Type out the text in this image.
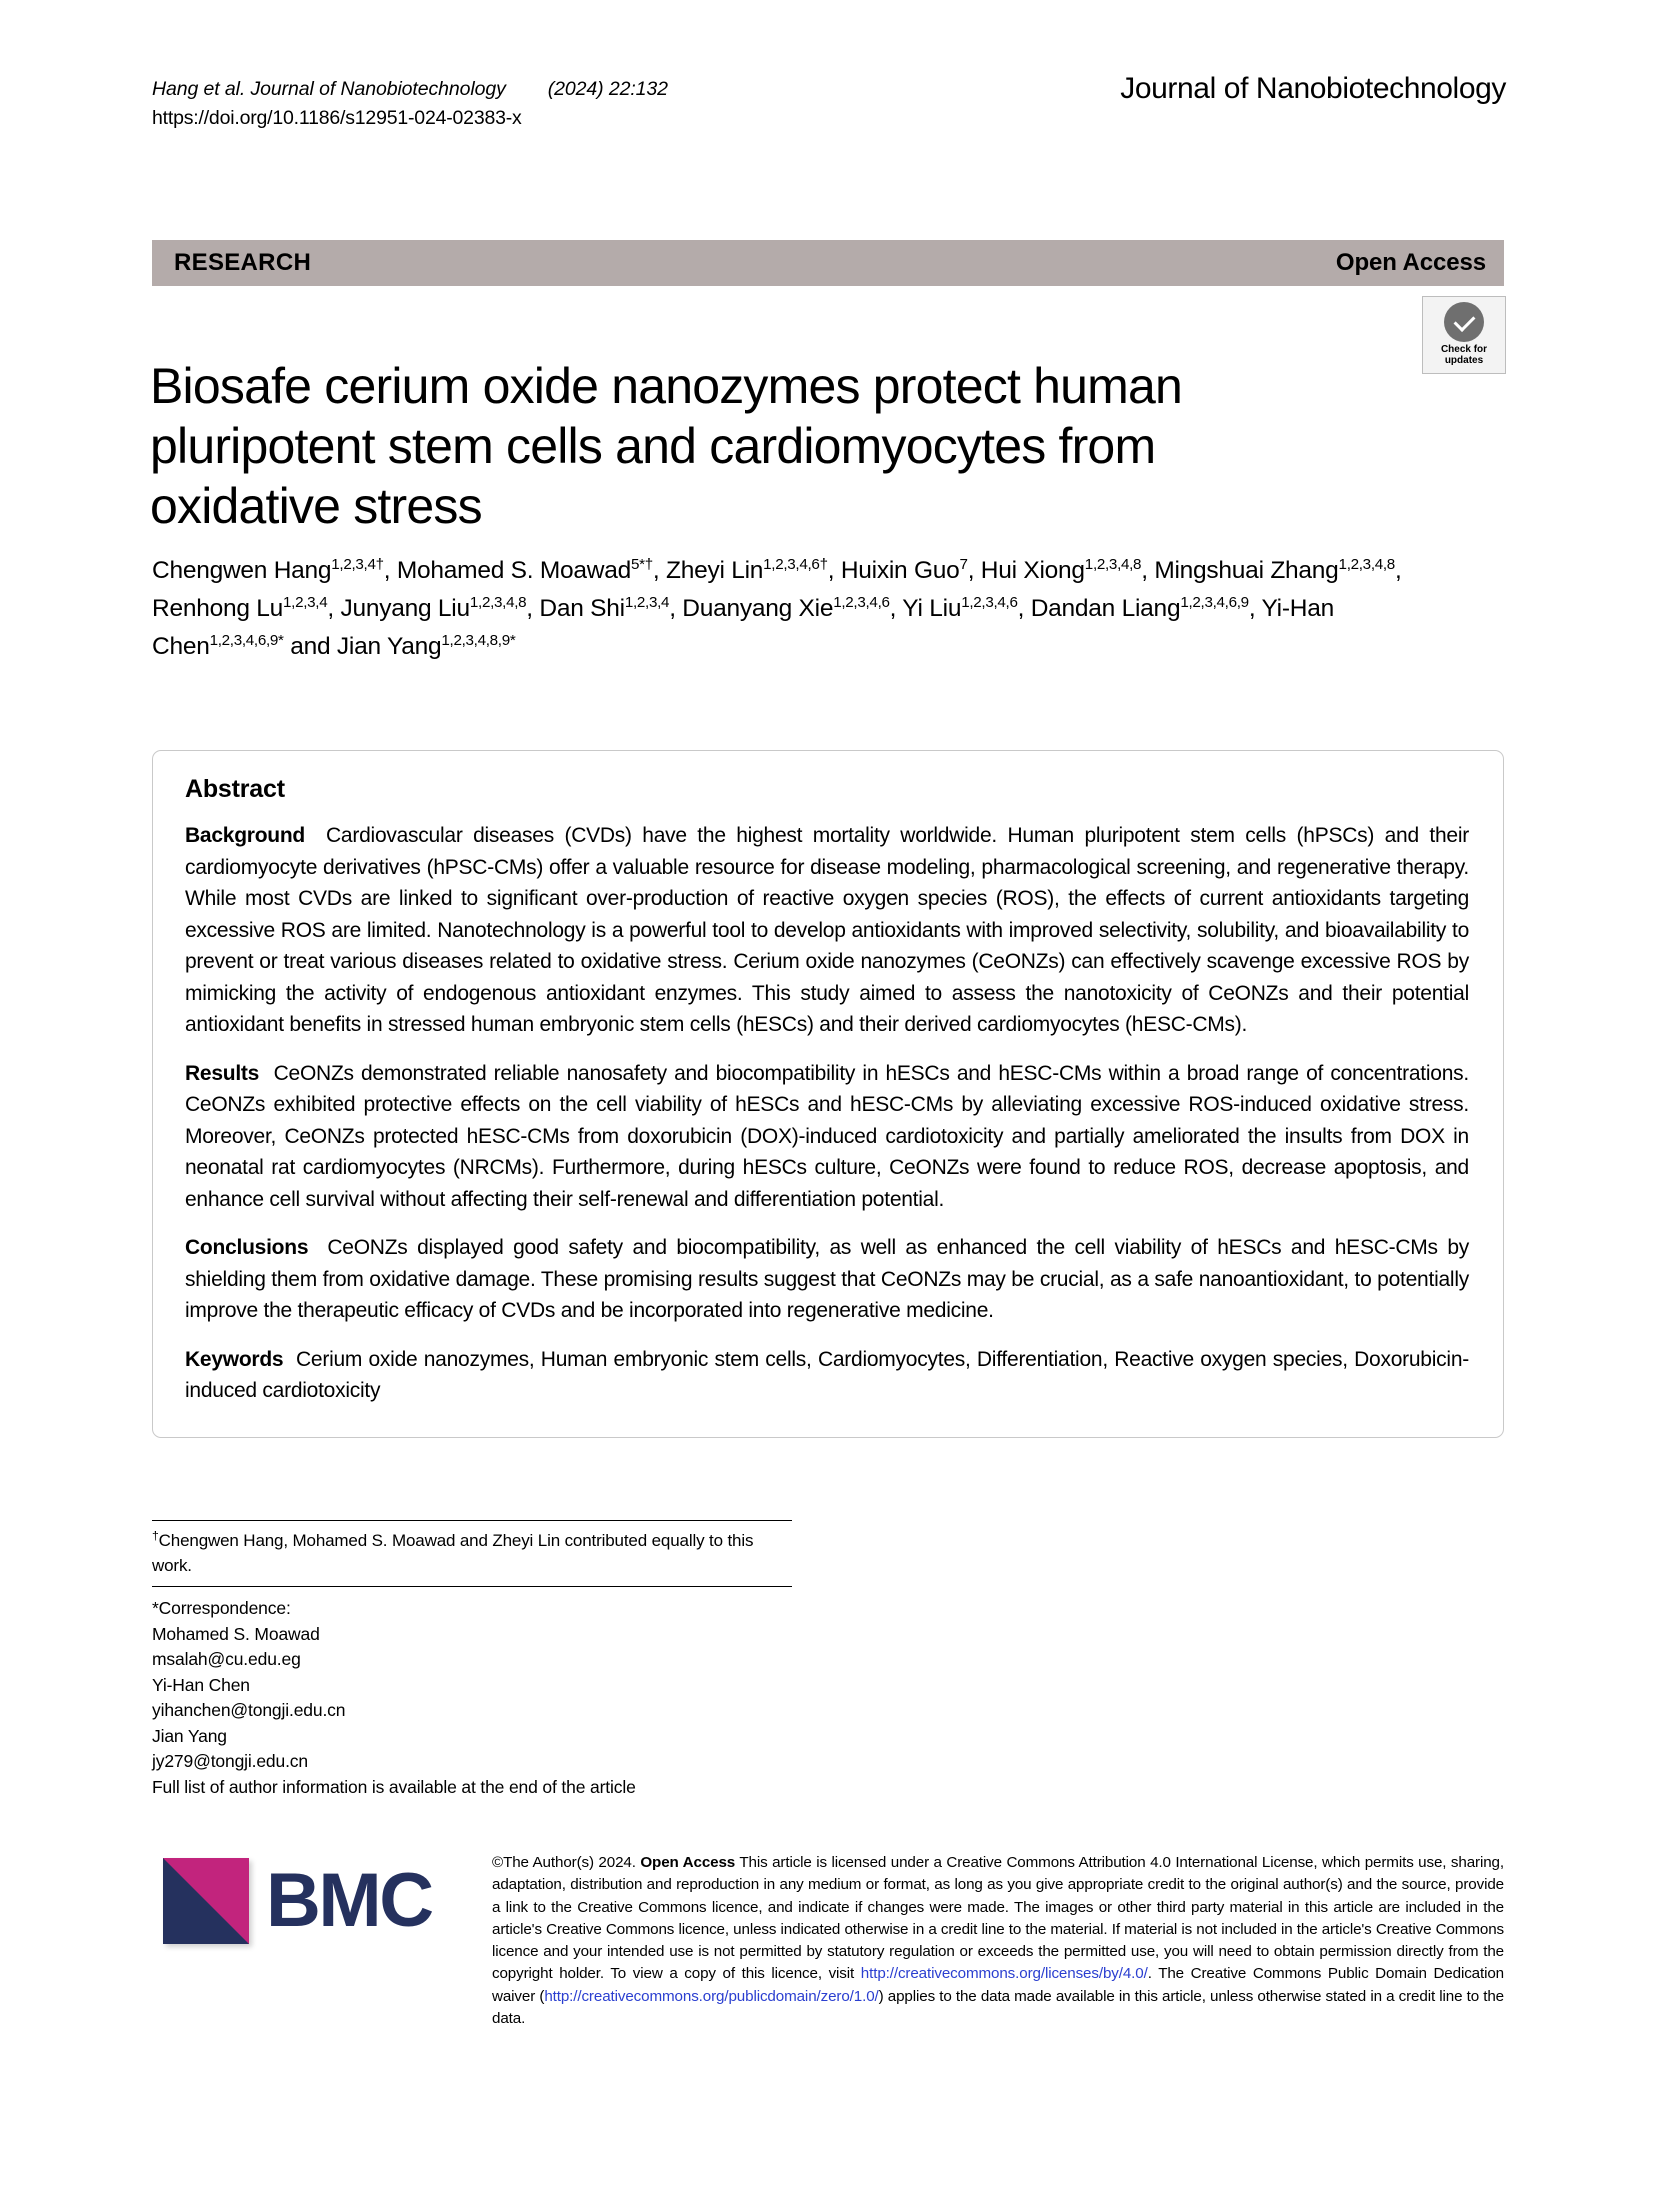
Hang et al. Journal of Nanobiotechnology (2024) 22:132
https://doi.org/10.1186/s12951-024-02383-x
Journal of Nanobiotechnology
RESEARCH	Open Access
Check for
updates
Biosafe cerium oxide nanozymes protect human pluripotent stem cells and cardiomyocytes from oxidative stress
Chengwen Hang$^{1,2,3,4\dagger}$, Mohamed S. Moawad$^{5*\dagger}$, Zheyi Lin$^{1,2,3,4,6\dagger}$, Huixin Guo$^7$, Hui Xiong$^{1,2,3,4,8}$, Mingshuai Zhang$^{1,2,3,4,8}$, Renhong Lu$^{1,2,3,4}$, Junyang Liu$^{1,2,3,4,8}$, Dan Shi$^{1,2,3,4}$, Duanyang Xie$^{1,2,3,4,6}$, Yi Liu$^{1,2,3,4,6}$, Dandan Liang$^{1,2,3,4,6,9}$, Yi-Han Chen$^{1,2,3,4,6,9*}$ and Jian Yang$^{1,2,3,4,8,9*}$
Abstract

Background Cardiovascular diseases (CVDs) have the highest mortality worldwide. Human pluripotent stem cells (hPSCs) and their cardiomyocyte derivatives (hPSC-CMs) offer a valuable resource for disease modeling, pharmacological screening, and regenerative therapy. While most CVDs are linked to significant over-production of reactive oxygen species (ROS), the effects of current antioxidants targeting excessive ROS are limited. Nanotechnology is a powerful tool to develop antioxidants with improved selectivity, solubility, and bioavailability to prevent or treat various diseases related to oxidative stress. Cerium oxide nanozymes (CeONZs) can effectively scavenge excessive ROS by mimicking the activity of endogenous antioxidant enzymes. This study aimed to assess the nanotoxicity of CeONZs and their potential antioxidant benefits in stressed human embryonic stem cells (hESCs) and their derived cardiomyocytes (hESC-CMs).

Results CeONZs demonstrated reliable nanosafety and biocompatibility in hESCs and hESC-CMs within a broad range of concentrations. CeONZs exhibited protective effects on the cell viability of hESCs and hESC-CMs by alleviating excessive ROS-induced oxidative stress. Moreover, CeONZs protected hESC-CMs from doxorubicin (DOX)-induced cardiotoxicity and partially ameliorated the insults from DOX in neonatal rat cardiomyocytes (NRCMs). Furthermore, during hESCs culture, CeONZs were found to reduce ROS, decrease apoptosis, and enhance cell survival without affecting their self-renewal and differentiation potential.

Conclusions CeONZs displayed good safety and biocompatibility, as well as enhanced the cell viability of hESCs and hESC-CMs by shielding them from oxidative damage. These promising results suggest that CeONZs may be crucial, as a safe nanoantioxidant, to potentially improve the therapeutic efficacy of CVDs and be incorporated into regenerative medicine.

Keywords Cerium oxide nanozymes, Human embryonic stem cells, Cardiomyocytes, Differentiation, Reactive oxygen species, Doxorubicin-induced cardiotoxicity

†Chengwen Hang, Mohamed S. Moawad and Zheyi Lin contributed equally to this work.
*Correspondence:
Mohamed S. Moawad
msalah@cu.edu.eg
Yi-Han Chen
yihanchen@tongji.edu.cn
Jian Yang
jy279@tongji.edu.cn
Full list of author information is available at the end of the article
BMC	©The Author(s) 2024. Open Access This article is licensed under a Creative Commons Attribution 4.0 International License, which permits use, sharing, adaptation, distribution and reproduction in any medium or format, as long as you give appropriate credit to the original author(s) and the source, provide a link to the Creative Commons licence, and indicate if changes were made. The images or other third party material in this article are included in the article's Creative Commons licence, unless indicated otherwise in a credit line to the material. If material is not included in the article's Creative Commons licence and your intended use is not permitted by statutory regulation or exceeds the permitted use, you will need to obtain permission directly from the copyright holder. To view a copy of this licence, visit http://creativecommons.org/licenses/by/4.0/. The Creative Commons Public Domain Dedication waiver (http://creativecommons.org/publicdomain/zero/1.0/) applies to the data made available in this article, unless otherwise stated in a credit line to the data.
